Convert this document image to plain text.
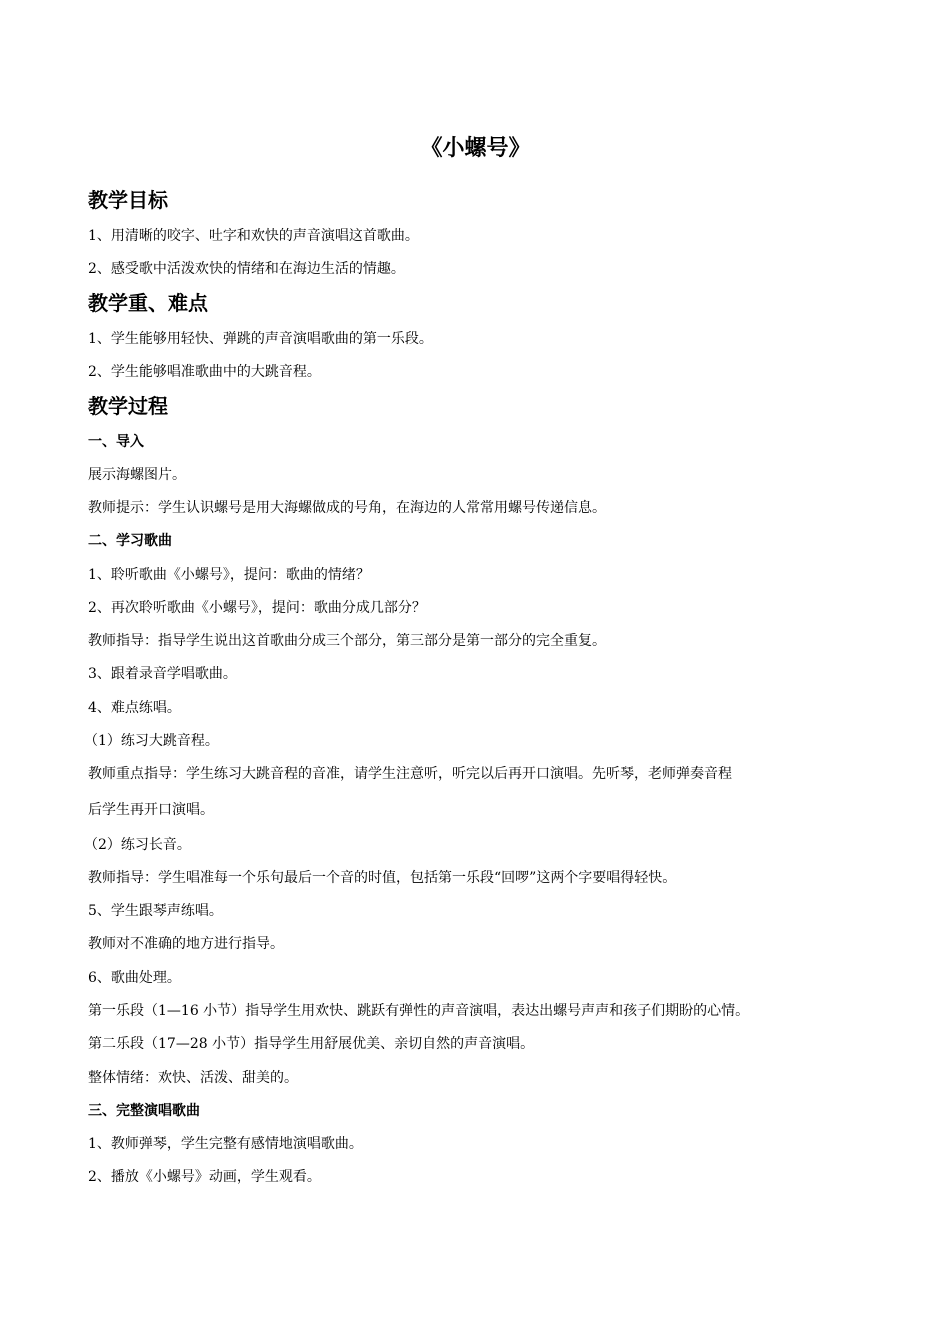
《小螺号》
教学目标

1、用清晰的咬字、吐字和欢快的声音演唱这首歌曲。

2、感受歌中活泼欢快的情绪和在海边生活的情趣。

教学重、难点

1、学生能够用轻快、弹跳的声音演唱歌曲的第一乐段。

2、学生能够唱准歌曲中的大跳音程。

教学过程
一、导入

展示海螺图片。

教师提示：学生认识螺号是用大海螺做成的号角，在海边的人常常用螺号传递信息。

二、学习歌曲

1、聆听歌曲《小螺号》，提问：歌曲的情绪？

2、再次聆听歌曲《小螺号》，提问：歌曲分成几部分？

教师指导：指导学生说出这首歌曲分成三个部分，第三部分是第一部分的完全重复。

3、跟着录音学唱歌曲。

4、难点练唱。

（1）练习大跳音程。

教师重点指导：学生练习大跳音程的音准，请学生注意听，听完以后再开口演唱。先听琴，老师弹奏音程

后学生再开口演唱。

（2）练习长音。

教师指导：学生唱准每一个乐句最后一个音的时值，包括第一乐段“回啰”这两个字要唱得轻快。

5、学生跟琴声练唱。

教师对不准确的地方进行指导。

6、歌曲处理。

第一乐段（1—16 小节）指导学生用欢快、跳跃有弹性的声音演唱，表达出螺号声声和孩子们期盼的心情。

第二乐段（17—28 小节）指导学生用舒展优美、亲切自然的声音演唱。

整体情绪：欢快、活泼、甜美的。

三、完整演唱歌曲

1、教师弹琴，学生完整有感情地演唱歌曲。

2、播放《小螺号》动画，学生观看。
